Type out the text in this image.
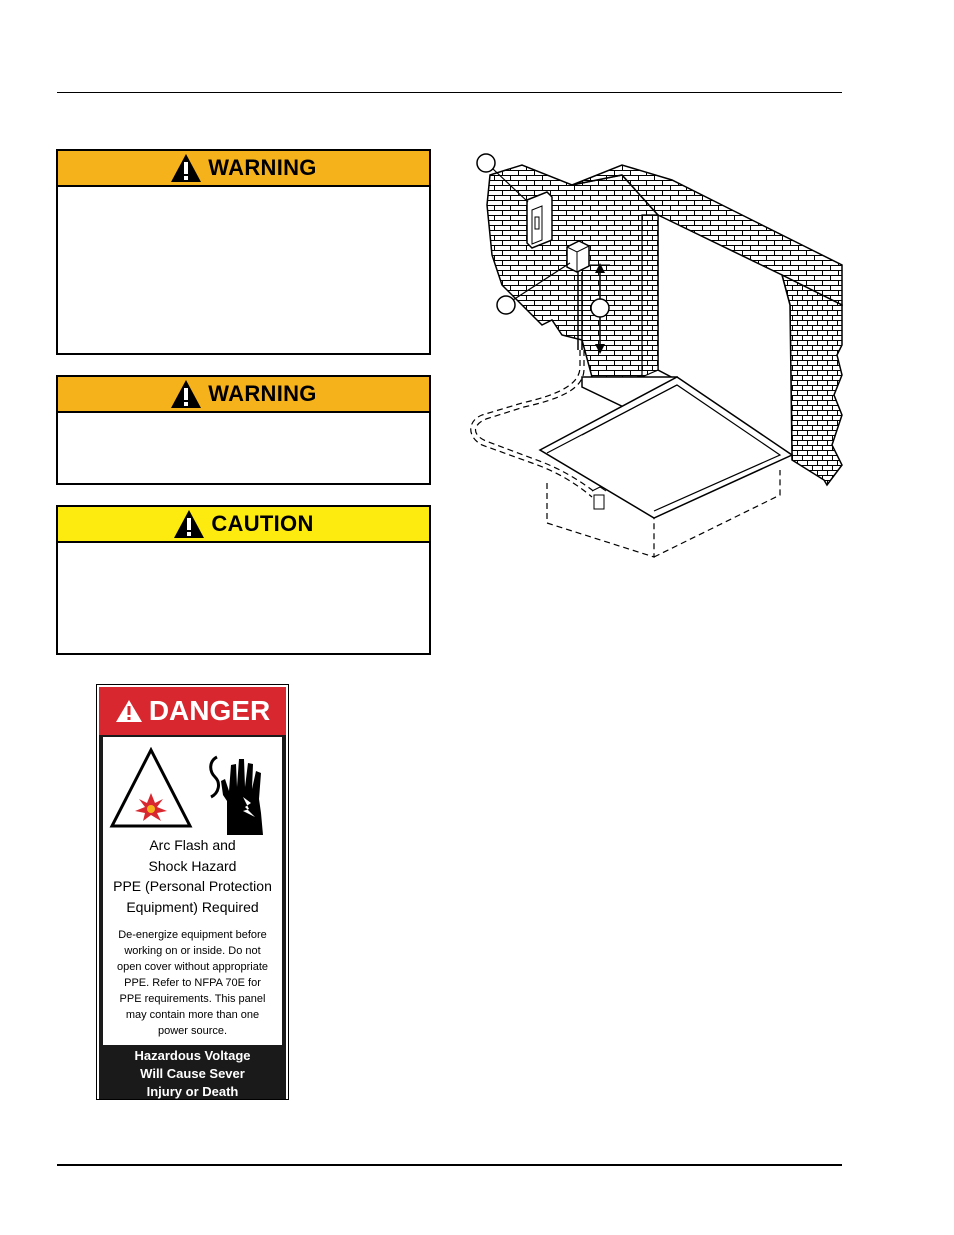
WARNING
WARNING
CAUTION
DANGER
Arc Flash and
Shock Hazard
PPE (Personal Protection
Equipment) Required
De-energize equipment before
working on or inside. Do not
open cover without appropriate
PPE. Refer to NFPA 70E for
PPE requirements. This panel
may contain more than one
power source.
Hazardous Voltage
Will Cause Sever
Injury or Death
